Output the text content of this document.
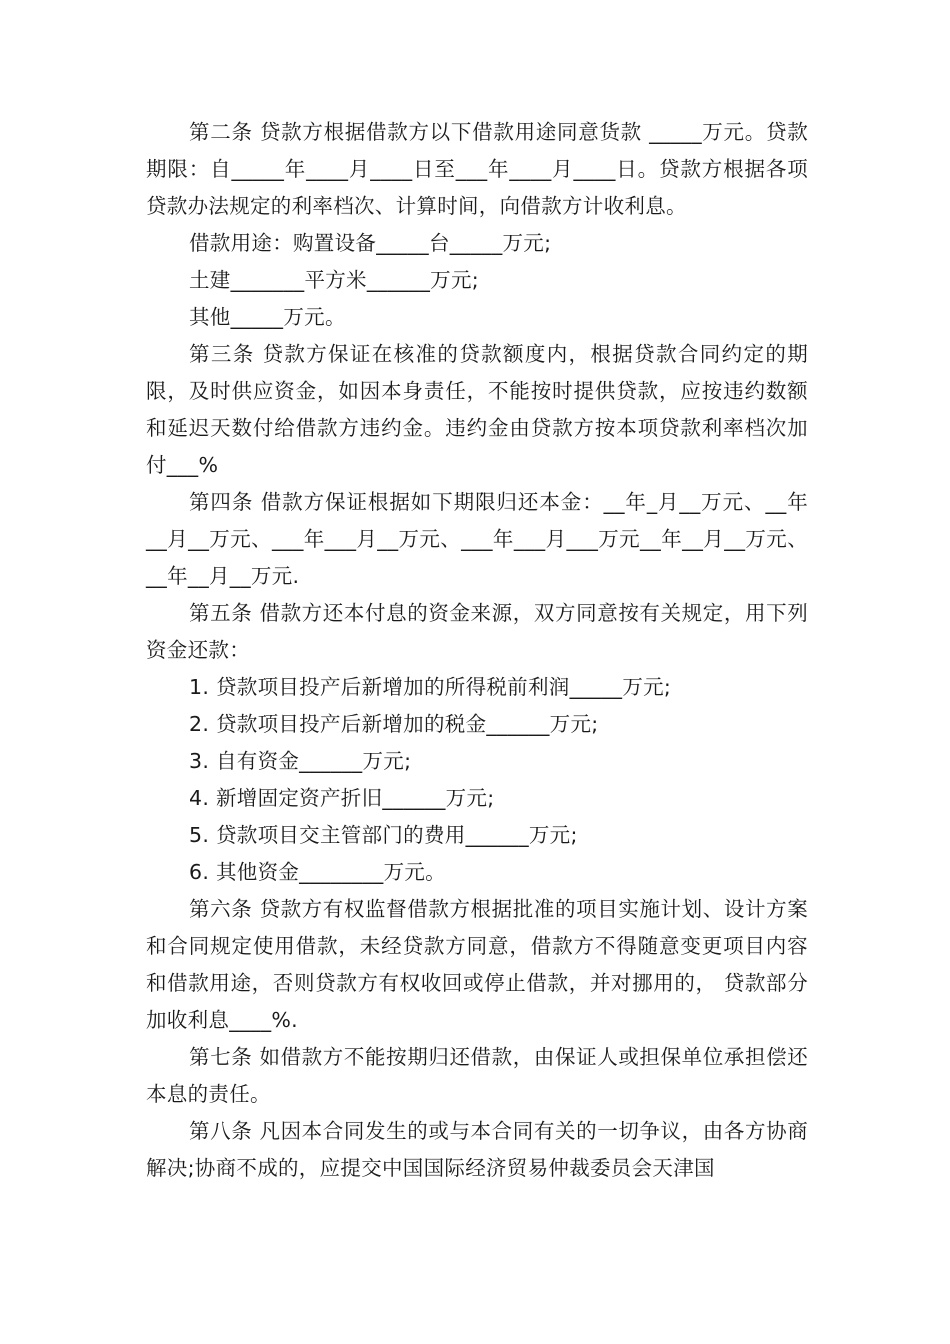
第二条 贷款方根据借款方以下借款用途同意货款 _____万元。贷款期限：自_____年____月____日至___年____月____日。贷款方根据各项贷款办法规定的利率档次、计算时间，向借款方计收利息。

借款用途：购置设备_____台_____万元;

土建_______平方米______万元;

其他_____万元。

第三条 贷款方保证在核准的贷款额度内，根据贷款合同约定的期限，及时供应资金，如因本身责任，不能按时提供贷款，应按违约数额和延迟天数付给借款方违约金。违约金由贷款方按本项贷款利率档次加付___%

第四条 借款方保证根据如下期限归还本金：__年_月__万元、__年__月__万元、___年___月__万元、___年___月___万元__年__月__万元、__年__月__万元.

第五条 借款方还本付息的资金来源，双方同意按有关规定，用下列资金还款：

1. 贷款项目投产后新增加的所得税前利润_____万元;

2. 贷款项目投产后新增加的税金______万元;

3. 自有资金______万元;

4. 新增固定资产折旧______万元;

5. 贷款项目交主管部门的费用______万元;

6. 其他资金________万元。

第六条 贷款方有权监督借款方根据批准的项目实施计划、设计方案和合同规定使用借款，未经贷款方同意，借款方不得随意变更项目内容和借款用途，否则贷款方有权收回或停止借款，并对挪用的， 贷款部分 加收利息____%.

第七条 如借款方不能按期归还借款，由保证人或担保单位承担偿还本息的责任。

第八条 凡因本合同发生的或与本合同有关的一切争议，由各方协商解决;协商不成的，应提交中国国际经济贸易仲裁委员会天津国
